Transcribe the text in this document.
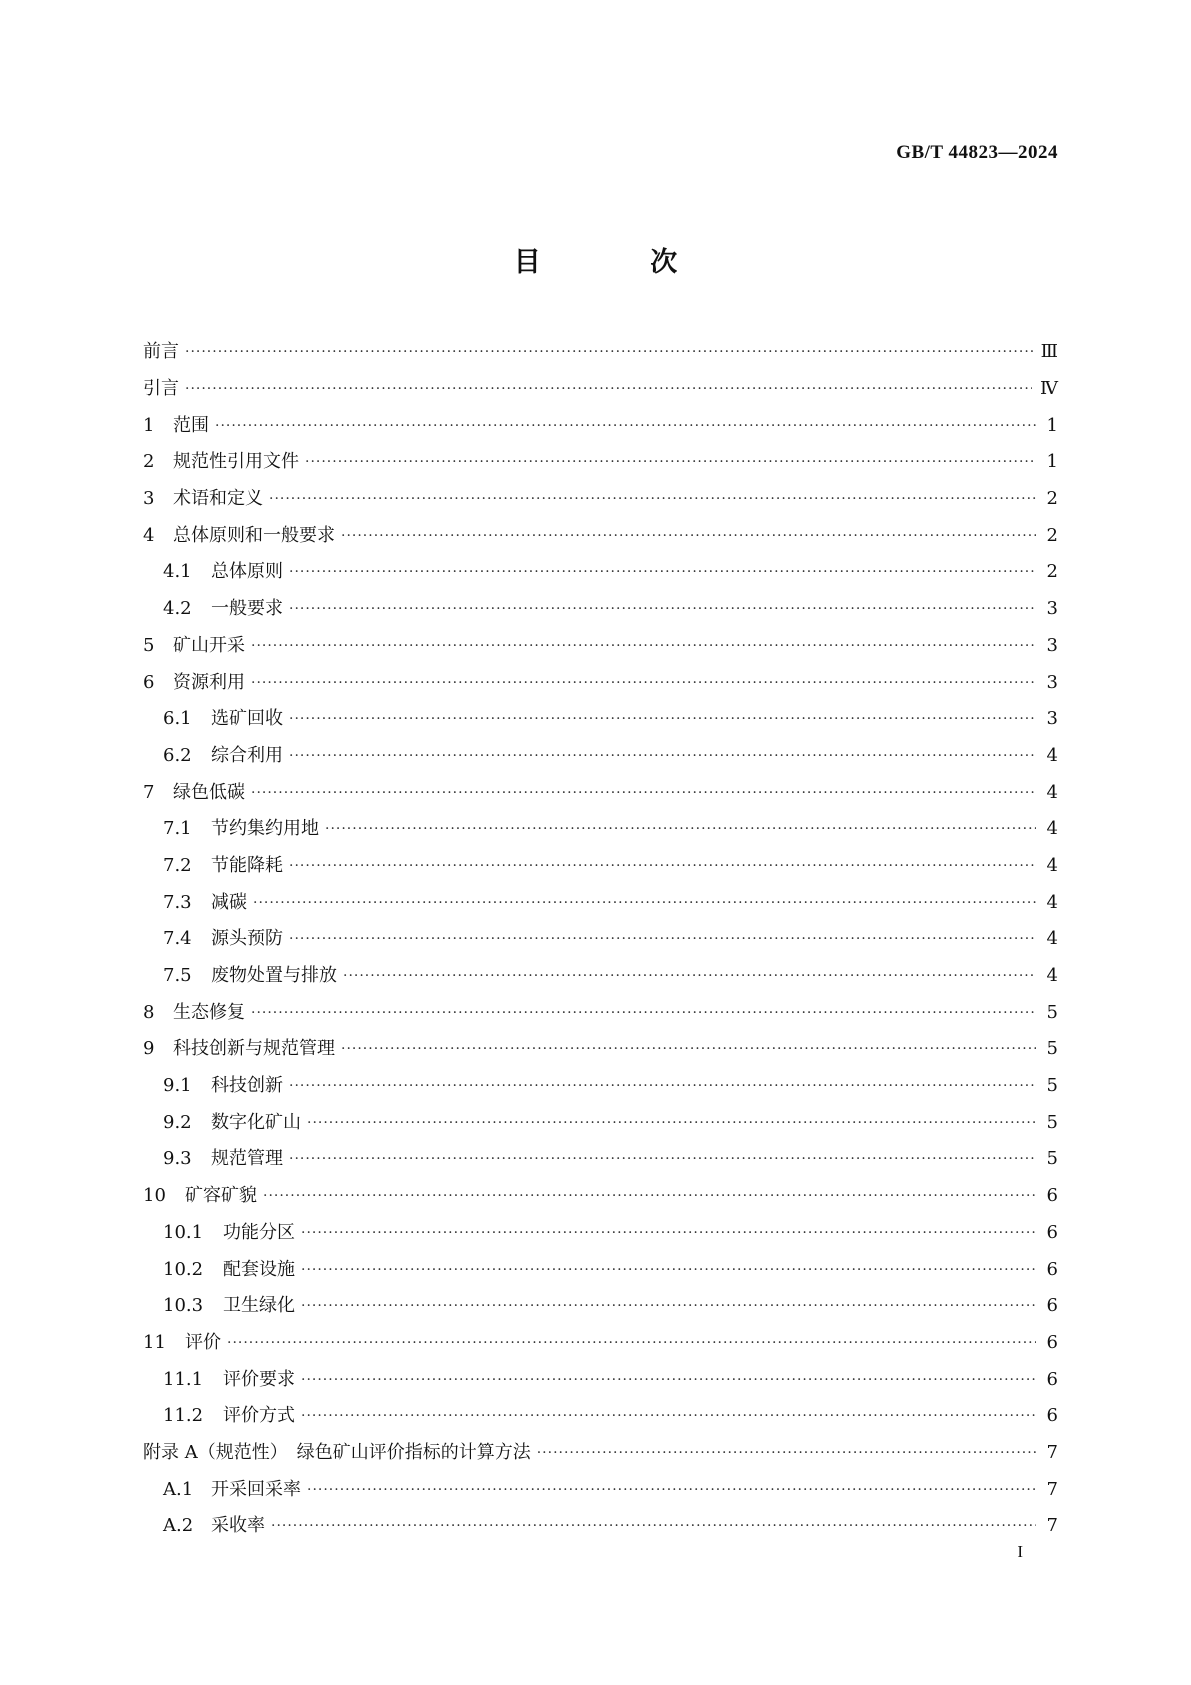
GB/T 44823—2024
目 次
前言 ·····	Ⅲ
引言 ·····	Ⅳ
1	范围 ·····	1
2	规范性引用文件 ·····	1
3	术语和定义 ·····	2
4	总体原则和一般要求 ·····	2
4.1	总体原则 ·····	2
4.2	一般要求 ·····	3
5	矿山开采 ·····	3
6	资源利用 ·····	3
6.1	选矿回收 ·····	3
6.2	综合利用 ·····	4
7	绿色低碳 ·····	4
7.1	节约集约用地 ·····	4
7.2	节能降耗 ·····	4
7.3	减碳 ·····	4
7.4	源头预防 ·····	4
7.5	废物处置与排放 ·····	4
8	生态修复 ·····	5
9	科技创新与规范管理 ·····	5
9.1	科技创新 ·····	5
9.2	数字化矿山 ·····	5
9.3	规范管理 ·····	5
10	矿容矿貌 ·····	6
10.1	功能分区 ·····	6
10.2	配套设施 ·····	6
10.3	卫生绿化 ·····	6
11	评价 ·····	6
11.1	评价要求 ·····	6
11.2	评价方式 ·····	6
附录 A（规范性）　绿色矿山评价指标的计算方法 ·····	7
A.1 开采回采率 ·····	7
A.2 采收率 ·····	7
I
